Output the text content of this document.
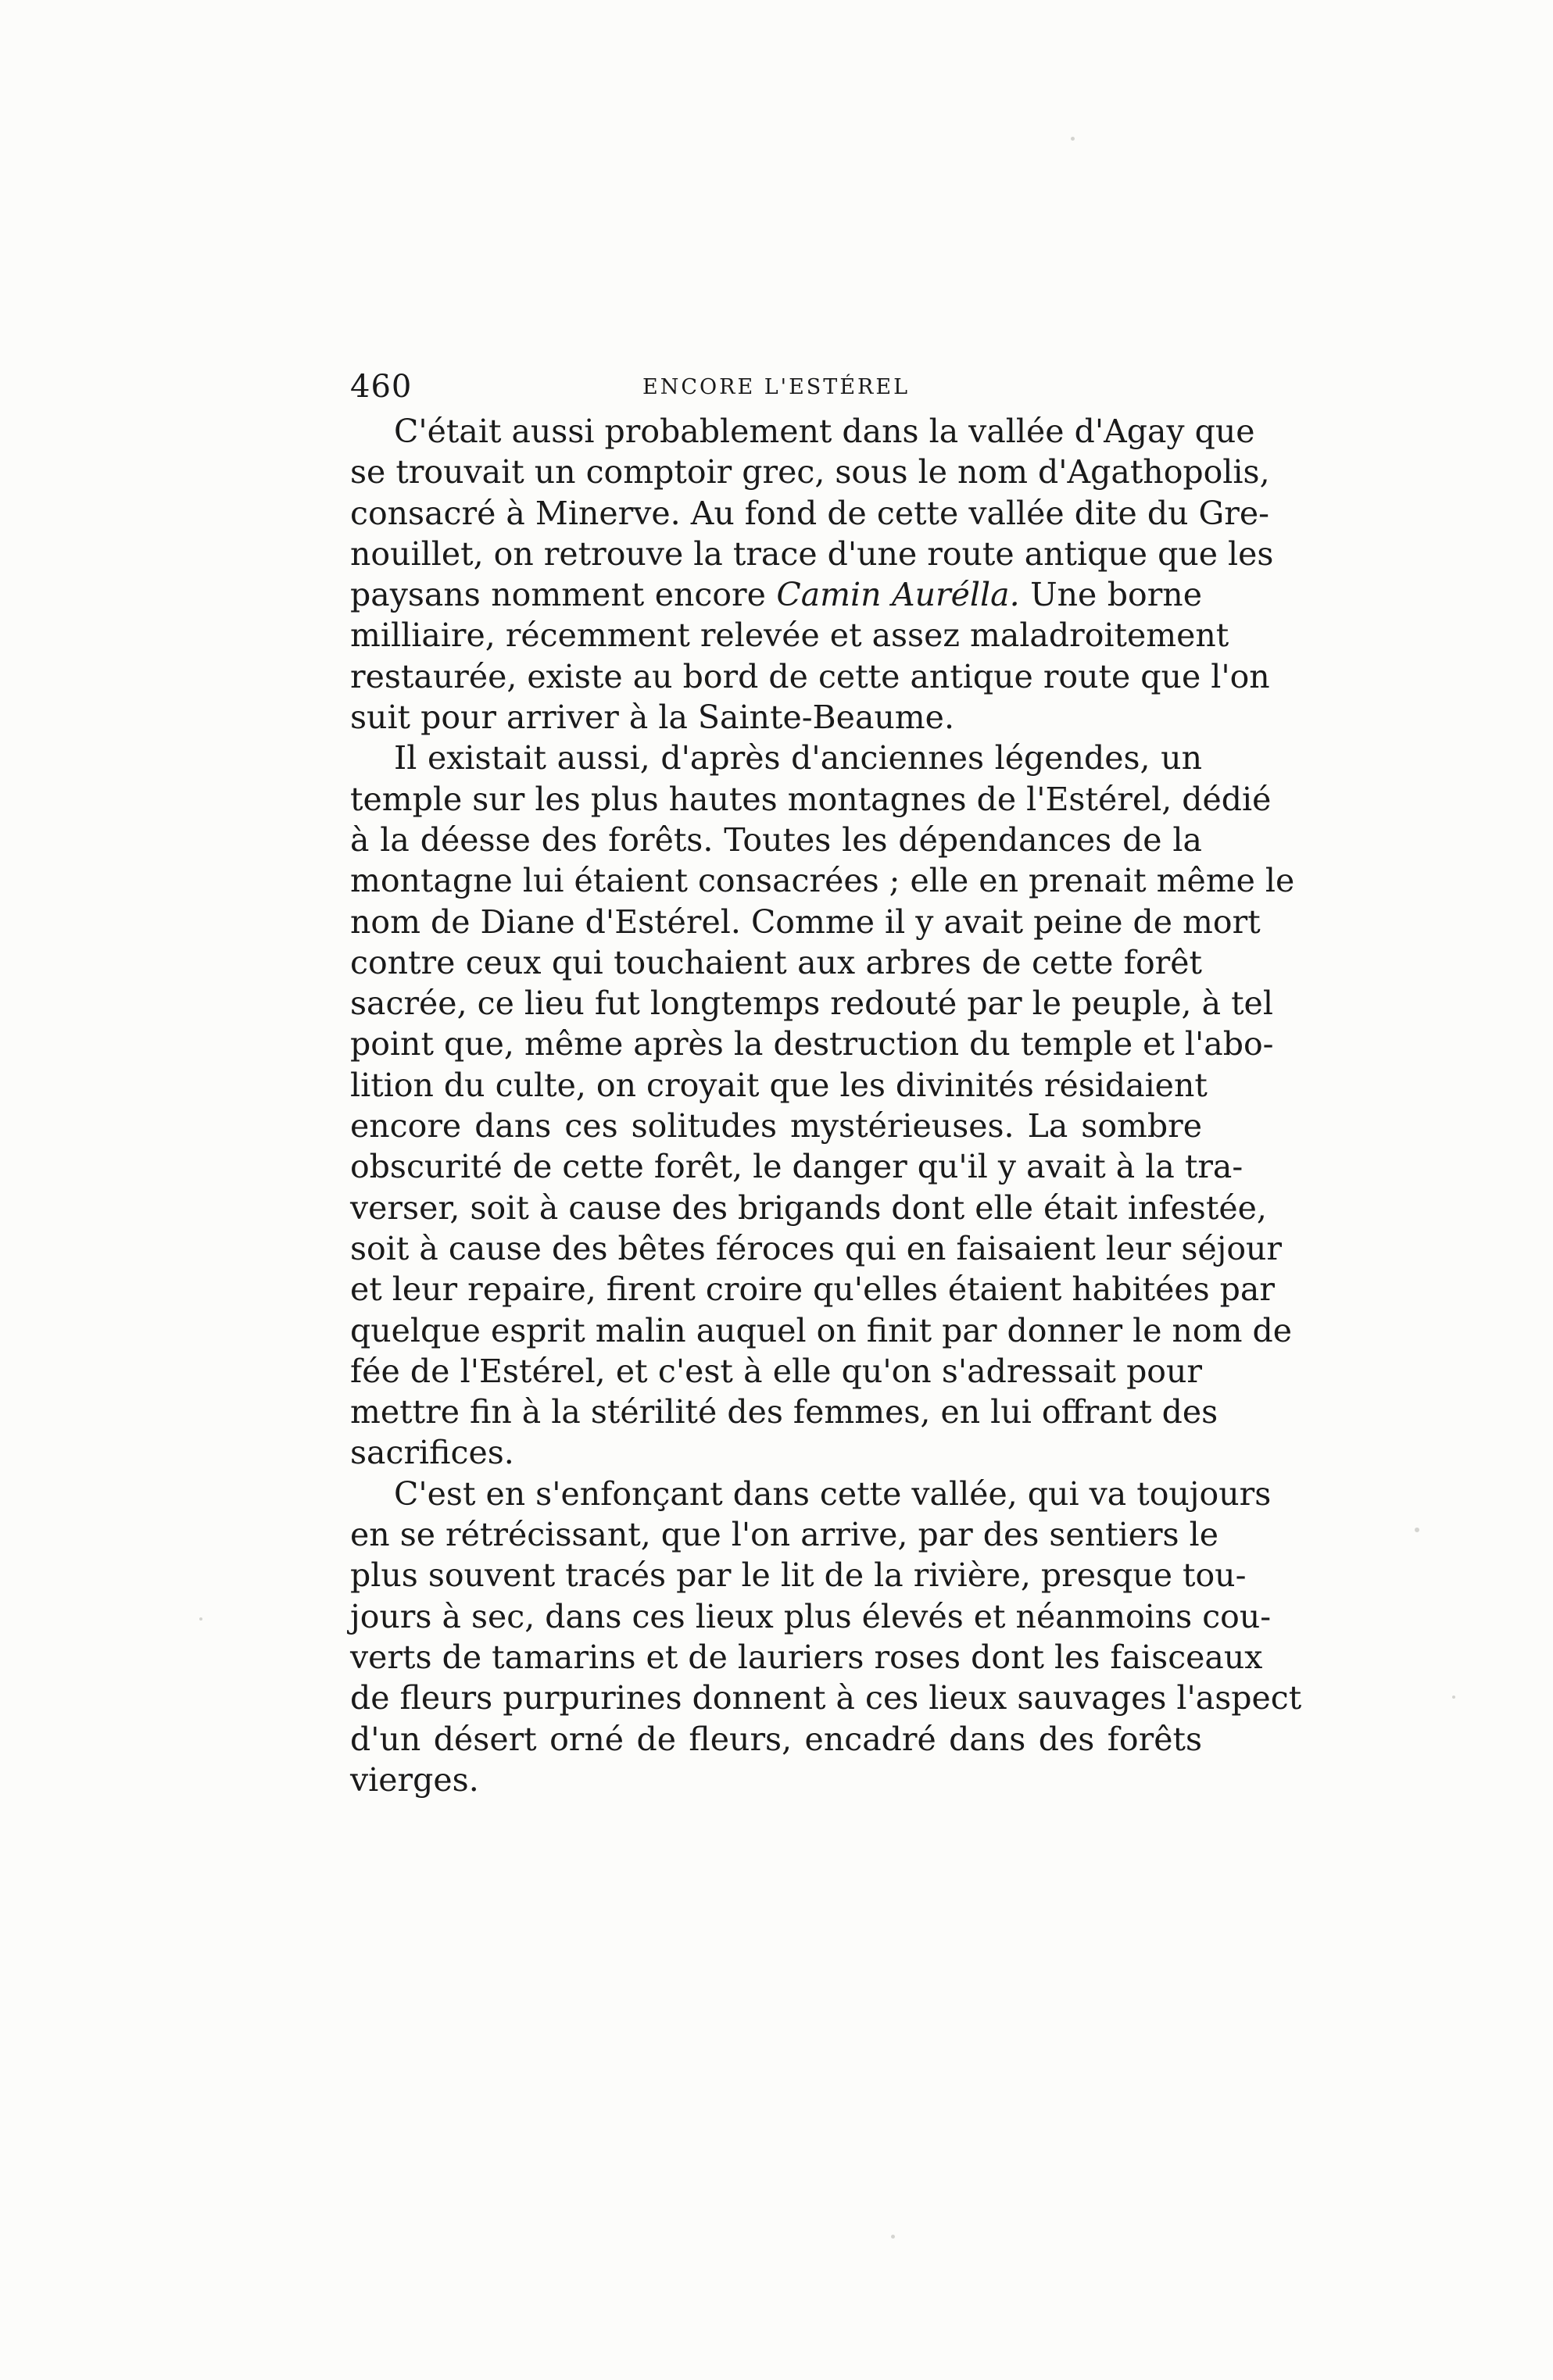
460	ENCORE L'ESTÉREL
C'était aussi probablement dans la vallée d'Agay que
se trouvait un comptoir grec, sous le nom d'Agathopolis,
consacré à Minerve. Au fond de cette vallée dite du Gre-
nouillet, on retrouve la trace d'une route antique que les
paysans nomment encore Camin Aurélla. Une borne
milliaire, récemment relevée et assez maladroitement
restaurée, existe au bord de cette antique route que l'on
suit pour arriver à la Sainte-Beaume.
Il existait aussi, d'après d'anciennes légendes, un
temple sur les plus hautes montagnes de l'Estérel, dédié
à la déesse des forêts. Toutes les dépendances de la
montagne lui étaient consacrées ; elle en prenait même le
nom de Diane d'Estérel. Comme il y avait peine de mort
contre ceux qui touchaient aux arbres de cette forêt
sacrée, ce lieu fut longtemps redouté par le peuple, à tel
point que, même après la destruction du temple et l'abo-
lition du culte, on croyait que les divinités résidaient
encore dans ces solitudes mystérieuses. La sombre
obscurité de cette forêt, le danger qu'il y avait à la tra-
verser, soit à cause des brigands dont elle était infestée,
soit à cause des bêtes féroces qui en faisaient leur séjour
et leur repaire, firent croire qu'elles étaient habitées par
quelque esprit malin auquel on finit par donner le nom de
fée de l'Estérel, et c'est à elle qu'on s'adressait pour
mettre fin à la stérilité des femmes, en lui offrant des
sacrifices.
C'est en s'enfonçant dans cette vallée, qui va toujours
en se rétrécissant, que l'on arrive, par des sentiers le
plus souvent tracés par le lit de la rivière, presque tou-
jours à sec, dans ces lieux plus élevés et néanmoins cou-
verts de tamarins et de lauriers roses dont les faisceaux
de fleurs purpurines donnent à ces lieux sauvages l'aspect
d'un désert orné de fleurs, encadré dans des forêts
vierges.
